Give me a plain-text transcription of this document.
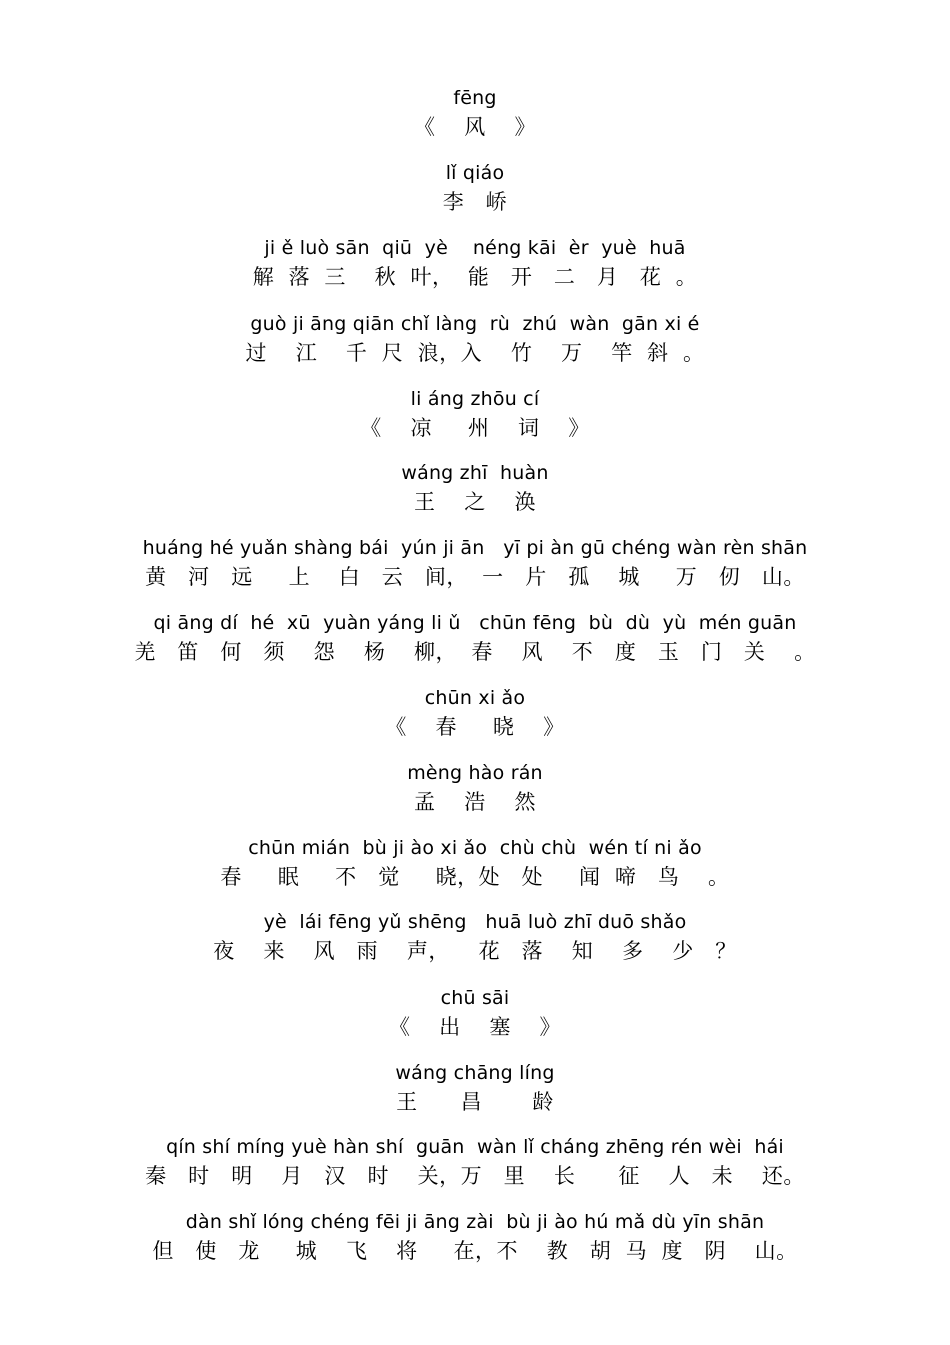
fēng
《    风    》
lǐ qiáo
李   峤
ji ě luò sān  qiū  yè    néng kāi  èr  yuè  huā
解  落  三    秋  叶，  能   开   二   月   花  。
guò ji āng qiān chǐ làng  rù  zhú  wàn  gān xi é
过    江    千  尺  浪，入    竹    万    竿  斜  。
li áng zhōu cí
《    凉     州    词    》
wáng zhī  huàn
王    之    涣
huáng hé yuǎn shàng bái  yún ji ān   yī pi àn gū chéng wàn rèn shān
黄   河   远     上    白   云   间，  一   片   孤    城     万   仞   山。
qi āng dí  hé  xū  yuàn yáng li ǔ   chūn fēng  bù  dù  yù  mén guān
羌   笛   何   须    怨    杨    柳，  春    风    不   度   玉   门   关    。
chūn xi ǎo
《    春     晓    》
mèng hào rán
孟    浩    然
chūn mián  bù ji ào xi ǎo  chù chù  wén tí ni ǎo
春     眠     不   觉     晓，处   处     闻  啼   鸟    。
yè  lái fēng yǔ shēng   huā luò zhī duō shǎo
夜    来    风   雨    声，    花   落    知    多    少   ？
chū sāi
《    出    塞    》
wáng chāng líng
王      昌       龄
qín shí míng yuè hàn shí  guān  wàn lǐ cháng zhēng rén wèi  hái
秦   时   明    月   汉   时    关，万   里    长      征    人   未    还。
dàn shǐ lóng chéng fēi ji āng zài  bù ji ào hú mǎ dù yīn shān
但   使   龙     城    飞    将     在，不    教   胡  马  度   阴    山。
